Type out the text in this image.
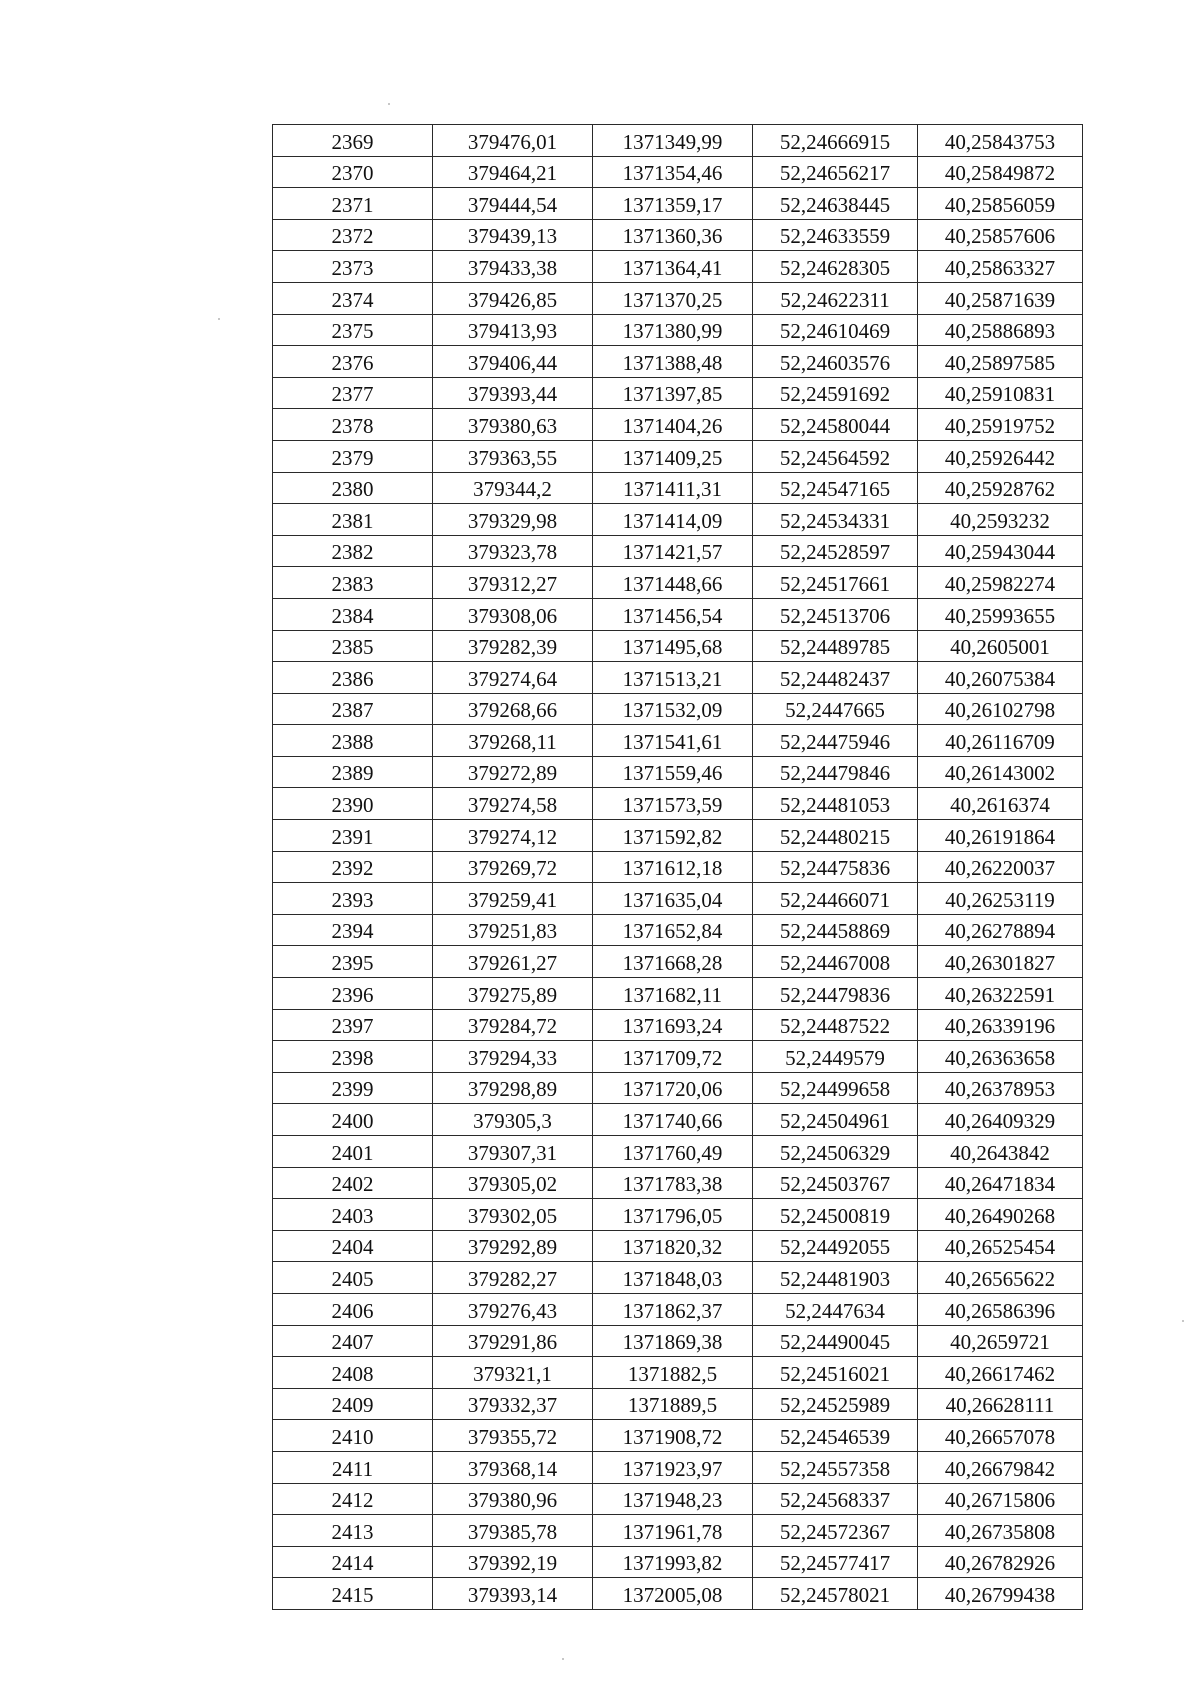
2369	379476,01	1371349,99	52,24666915	40,25843753
2370	379464,21	1371354,46	52,24656217	40,25849872
2371	379444,54	1371359,17	52,24638445	40,25856059
2372	379439,13	1371360,36	52,24633559	40,25857606
2373	379433,38	1371364,41	52,24628305	40,25863327
2374	379426,85	1371370,25	52,24622311	40,25871639
2375	379413,93	1371380,99	52,24610469	40,25886893
2376	379406,44	1371388,48	52,24603576	40,25897585
2377	379393,44	1371397,85	52,24591692	40,25910831
2378	379380,63	1371404,26	52,24580044	40,25919752
2379	379363,55	1371409,25	52,24564592	40,25926442
2380	379344,2	1371411,31	52,24547165	40,25928762
2381	379329,98	1371414,09	52,24534331	40,2593232
2382	379323,78	1371421,57	52,24528597	40,25943044
2383	379312,27	1371448,66	52,24517661	40,25982274
2384	379308,06	1371456,54	52,24513706	40,25993655
2385	379282,39	1371495,68	52,24489785	40,2605001
2386	379274,64	1371513,21	52,24482437	40,26075384
2387	379268,66	1371532,09	52,2447665	40,26102798
2388	379268,11	1371541,61	52,24475946	40,26116709
2389	379272,89	1371559,46	52,24479846	40,26143002
2390	379274,58	1371573,59	52,24481053	40,2616374
2391	379274,12	1371592,82	52,24480215	40,26191864
2392	379269,72	1371612,18	52,24475836	40,26220037
2393	379259,41	1371635,04	52,24466071	40,26253119
2394	379251,83	1371652,84	52,24458869	40,26278894
2395	379261,27	1371668,28	52,24467008	40,26301827
2396	379275,89	1371682,11	52,24479836	40,26322591
2397	379284,72	1371693,24	52,24487522	40,26339196
2398	379294,33	1371709,72	52,2449579	40,26363658
2399	379298,89	1371720,06	52,24499658	40,26378953
2400	379305,3	1371740,66	52,24504961	40,26409329
2401	379307,31	1371760,49	52,24506329	40,2643842
2402	379305,02	1371783,38	52,24503767	40,26471834
2403	379302,05	1371796,05	52,24500819	40,26490268
2404	379292,89	1371820,32	52,24492055	40,26525454
2405	379282,27	1371848,03	52,24481903	40,26565622
2406	379276,43	1371862,37	52,2447634	40,26586396
2407	379291,86	1371869,38	52,24490045	40,2659721
2408	379321,1	1371882,5	52,24516021	40,26617462
2409	379332,37	1371889,5	52,24525989	40,26628111
2410	379355,72	1371908,72	52,24546539	40,26657078
2411	379368,14	1371923,97	52,24557358	40,26679842
2412	379380,96	1371948,23	52,24568337	40,26715806
2413	379385,78	1371961,78	52,24572367	40,26735808
2414	379392,19	1371993,82	52,24577417	40,26782926
2415	379393,14	1372005,08	52,24578021	40,26799438
